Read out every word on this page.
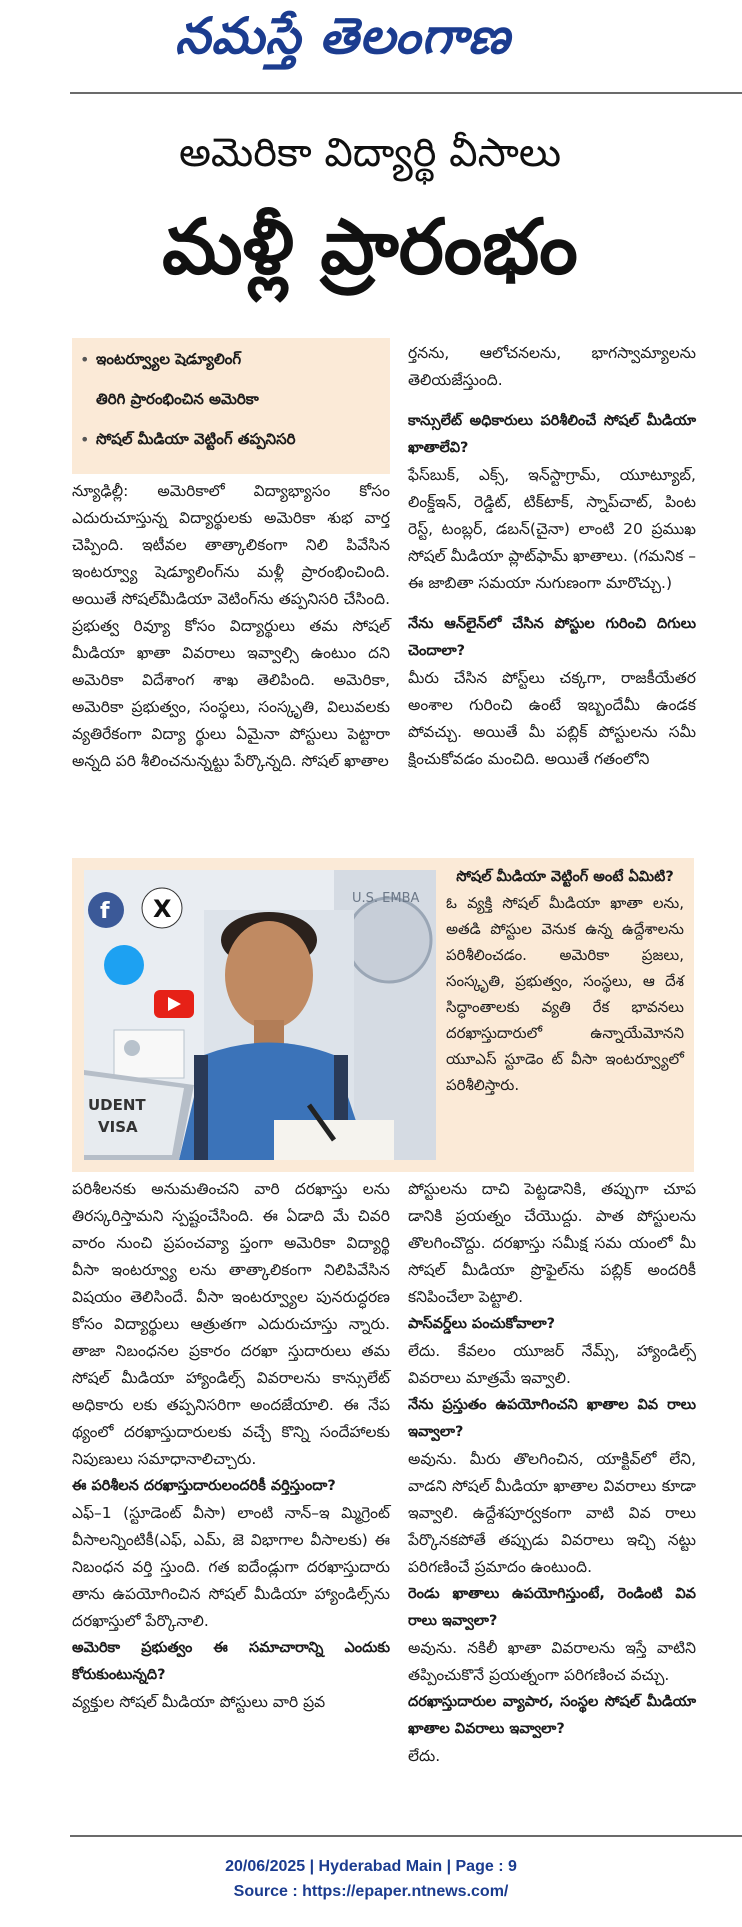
నమస్తే తెలంగాణ
అమెరికా విద్యార్థి వీసాలు
మళ్లీ ప్రారంభం
• ఇంటర్వ్యూల షెడ్యూలింగ్
తిరిగి ప్రారంభించిన అమెరికా
• సోషల్ మీడియా వెట్టింగ్ తప్పనిసరి

న్యూఢిల్లీ: అమెరికాలో విద్యాభ్యాసం కోసం ఎదురుచూస్తున్న విద్యార్థులకు అమెరికా శుభ వార్త చెప్పింది. ఇటీవల తాత్కాలికంగా నిలి పివేసిన ఇంటర్వ్యూ షెడ్యూలింగ్‌ను మళ్లీ ప్రారంభించింది. అయితే సోషల్‌మీడియా వెటింగ్‌ను తప్పనిసరి చేసింది. ప్రభుత్వ రివ్యూ కోసం విద్యార్థులు తమ సోషల్ మీడియా ఖాతా వివరాలు ఇవ్వాల్సి ఉంటుం దని అమెరికా విదేశాంగ శాఖ తెలిపింది. అమెరికా, అమెరికా ప్రభుత్వం, సంస్థలు, సంస్కృతి, విలువలకు వ్యతిరేకంగా విద్యా ర్థులు ఏమైనా పోస్టులు పెట్టారా అన్నది పరి శీలించనున్నట్టు పేర్కొన్నది. సోషల్ ఖాతాల

ర్తనను, ఆలోచనలను, భాగస్వామ్యాలను తెలియజేస్తుంది.

కాన్సులేట్ అధికారులు పరిశీలించే సోషల్ మీడియా ఖాతాలేవి?

ఫేస్‌బుక్, ఎక్స్, ఇన్‌స్టాగ్రామ్, యూట్యూబ్, లింక్డ్ఇన్, రెడ్డిట్, టిక్‌టాక్, స్నాప్‌చాట్, పింట రెస్ట్, టంబ్లర్, డబన్(చైనా) లాంటి 20 ప్రముఖ సోషల్ మీడియా ప్లాట్‌ఫామ్ ఖాతాలు. (గమనిక – ఈ జాబితా సమయా నుగుణంగా మారొచ్చు.)

నేను ఆన్‌లైన్‌లో చేసిన పోస్టుల గురించి దిగులు చెందాలా?

మీరు చేసిన పోస్ట్‌లు చక్కగా, రాజకీయేతర అంశాల గురించి ఉంటే ఇబ్బందేమీ ఉండక పోవచ్చు. అయితే మీ పబ్లిక్ పోస్టులను సమీ క్షించుకోవడం మంచిది. అయితే గతంలోని

U.S. EMBA
f X
UDENT
VISA
సోషల్ మీడియా వెట్టింగ్ అంటే ఏమిటి?

ఓ వ్యక్తి సోషల్ మీడియా ఖాతా లను, అతడి పోస్టుల వెనుక ఉన్న ఉద్దేశాలను పరిశీలించడం. అమెరికా ప్రజలు, సంస్కృతి, ప్రభుత్వం, సంస్థలు, ఆ దేశ సిద్ధాంతాలకు వ్యతి రేక భావనలు దరఖాస్తుదారులో ఉన్నాయేమోనని యూఎస్ స్టూడెం ట్ వీసా ఇంటర్వ్యూలో పరిశీలిస్తారు.

పరిశీలనకు అనుమతించని వారి దరఖాస్తు లను తిరస్కరిస్తామని స్పష్టంచేసింది. ఈ ఏడాది మే చివరి వారం నుంచి ప్రపంచవ్యా ప్తంగా అమెరికా విద్యార్థి వీసా ఇంటర్వ్యూ లను తాత్కాలికంగా నిలిపివేసిన విషయం తెలిసిందే. వీసా ఇంటర్వ్యూల పునరుద్ధరణ కోసం విద్యార్థులు ఆత్రుతగా ఎదురుచూస్తు న్నారు. తాజా నిబంధనల ప్రకారం దరఖా స్తుదారులు తమ సోషల్ మీడియా హ్యాండిల్స్ వివరాలను కాన్సులేట్ అధికారు లకు తప్పనిసరిగా అందజేయాలి. ఈ నేప థ్యంలో దరఖాస్తుదారులకు వచ్చే కొన్ని సందేహాలకు నిపుణులు సమాధానాలిచ్చారు.

ఈ పరిశీలన దరఖాస్తుదారులందరికీ వర్తిస్తుందా?

ఎఫ్–1 (స్టూడెంట్ వీసా) లాంటి నాన్–ఇ మ్మిగ్రెంట్ వీసాలన్నింటికీ(ఎఫ్, ఎమ్, జె విభాగాల వీసాలకు) ఈ నిబంధన వర్తి స్తుంది. గత ఐదేండ్లుగా దరఖాస్తుదారు తాను ఉపయోగించిన సోషల్ మీడియా హ్యాండిల్స్‌ను దరఖాస్తులో పేర్కొనాలి.

అమెరికా ప్రభుత్వం ఈ సమాచారాన్ని ఎందుకు కోరుకుంటున్నది?

వ్యక్తుల సోషల్ మీడియా పోస్టులు వారి ప్రవ

పోస్టులను దాచి పెట్టడానికి, తప్పుగా చూప డానికి ప్రయత్నం చేయొద్దు. పాత పోస్టులను తొలగించొద్దు. దరఖాస్తు సమీక్ష సమ యంలో మీ సోషల్ మీడియా ప్రొఫైల్‌ను పబ్లిక్ అందరికీ కనిపించేలా పెట్టాలి.

పాస్‌వర్డ్‌లు పంచుకోవాలా?

లేదు. కేవలం యూజర్ నేమ్స్, హ్యాండిల్స్ వివరాలు మాత్రమే ఇవ్వాలి.

నేను ప్రస్తుతం ఉపయోగించని ఖాతాల వివ రాలు ఇవ్వాలా?

అవును. మీరు తొలగించిన, యాక్టివ్‌లో లేని, వాడని సోషల్ మీడియా ఖాతాల వివరాలు కూడా ఇవ్వాలి. ఉద్దేశపూర్వకంగా వాటి వివ రాలు పేర్కొనకపోతే తప్పుడు వివరాలు ఇచ్చి నట్టు పరిగణించే ప్రమాదం ఉంటుంది.

రెండు ఖాతాలు ఉపయోగిస్తుంటే, రెండింటి వివ రాలు ఇవ్వాలా?

అవును. నకిలీ ఖాతా వివరాలను ఇస్తే వాటిని తప్పించుకొనే ప్రయత్నంగా పరిగణించ వచ్చు.

దరఖాస్తుదారుల వ్యాపార, సంస్థల సోషల్ మీడియా ఖాతాల వివరాలు ఇవ్వాలా?

లేదు.

20/06/2025 | Hyderabad Main | Page : 9
Source : https://epaper.ntnews.com/
